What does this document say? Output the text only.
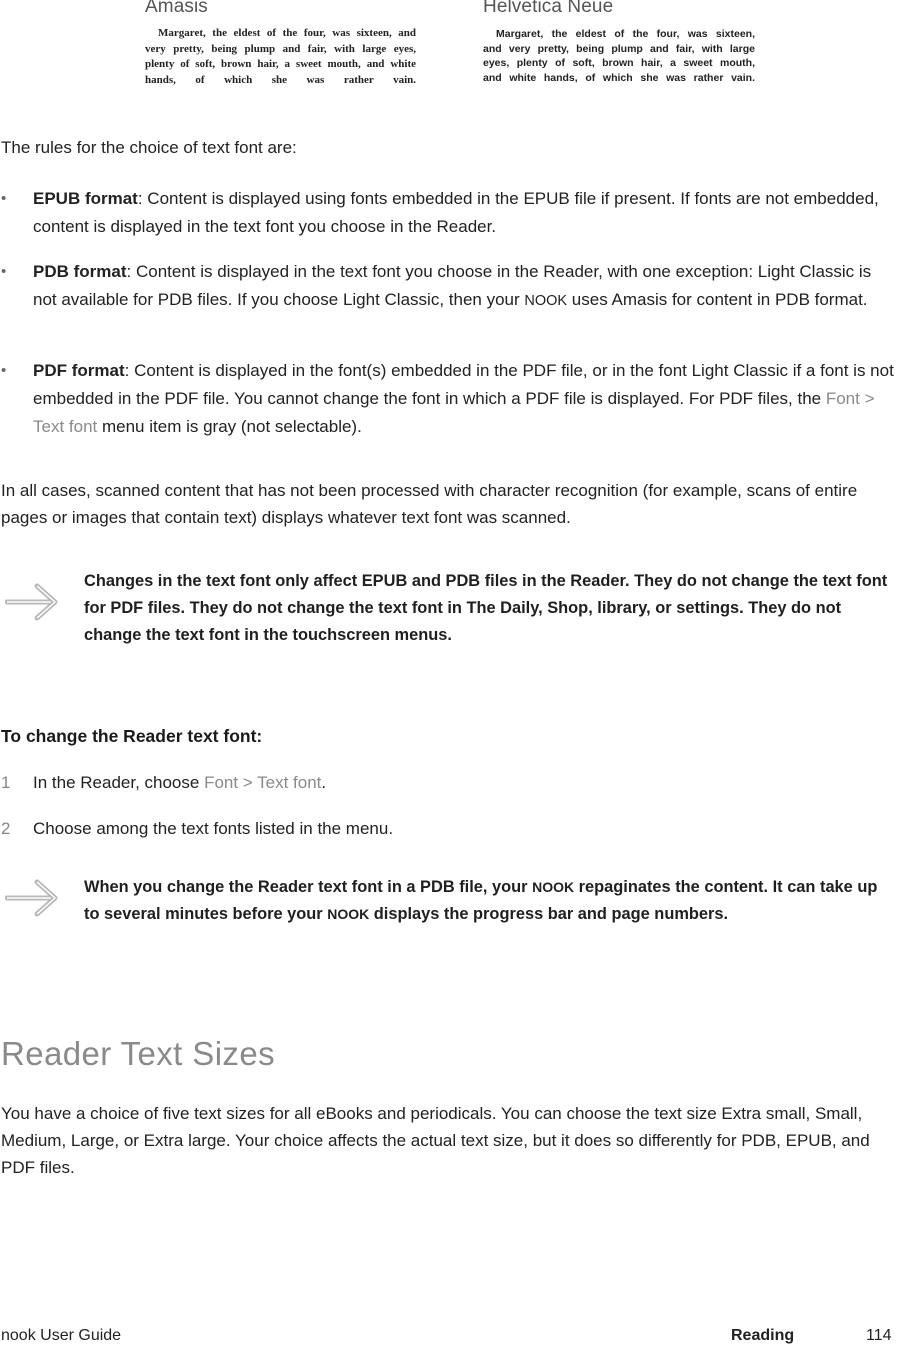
Amasis
Margaret, the eldest of the four, was sixteen, and
very pretty, being plump and fair, with large eyes,
plenty of soft, brown hair, a sweet mouth, and white
hands, of which she was rather vain.
Helvetica Neue
Margaret, the eldest of the four, was sixteen,
and very pretty, being plump and fair, with large
eyes, plenty of soft, brown hair, a sweet mouth,
and white hands, of which she was rather vain.

The rules for the choice of text font are:

• EPUB format: Content is displayed using fonts embedded in the EPUB file if present. If fonts are not embedded, content is displayed in the text font you choose in the Reader.
• PDB format: Content is displayed in the text font you choose in the Reader, with one exception: Light Classic is not available for PDB files. If you choose Light Classic, then your NOOK uses Amasis for content in PDB format.
• PDF format: Content is displayed in the font(s) embedded in the PDF file, or in the font Light Classic if a font is not embedded in the PDF file. You cannot change the font in which a PDF file is displayed. For PDF files, the Font > Text font menu item is gray (not selectable).

In all cases, scanned content that has not been processed with character recognition (for example, scans of entire pages or images that contain text) displays whatever text font was scanned.

Changes in the text font only affect EPUB and PDB files in the Reader. They do not change the text font for PDF files. They do not change the text font in The Daily, Shop, library, or settings. They do not change the text font in the touchscreen menus.

To change the Reader text font:
1 In the Reader, choose Font > Text font.
2 Choose among the text fonts listed in the menu.

When you change the Reader text font in a PDB file, your NOOK repaginates the content. It can take up to several minutes before your NOOK displays the progress bar and page numbers.

Reader Text Sizes

You have a choice of five text sizes for all eBooks and periodicals. You can choose the text size Extra small, Small, Medium, Large, or Extra large. Your choice affects the actual text size, but it does so differently for PDB, EPUB, and PDF files.

nook User Guide	Reading	114
